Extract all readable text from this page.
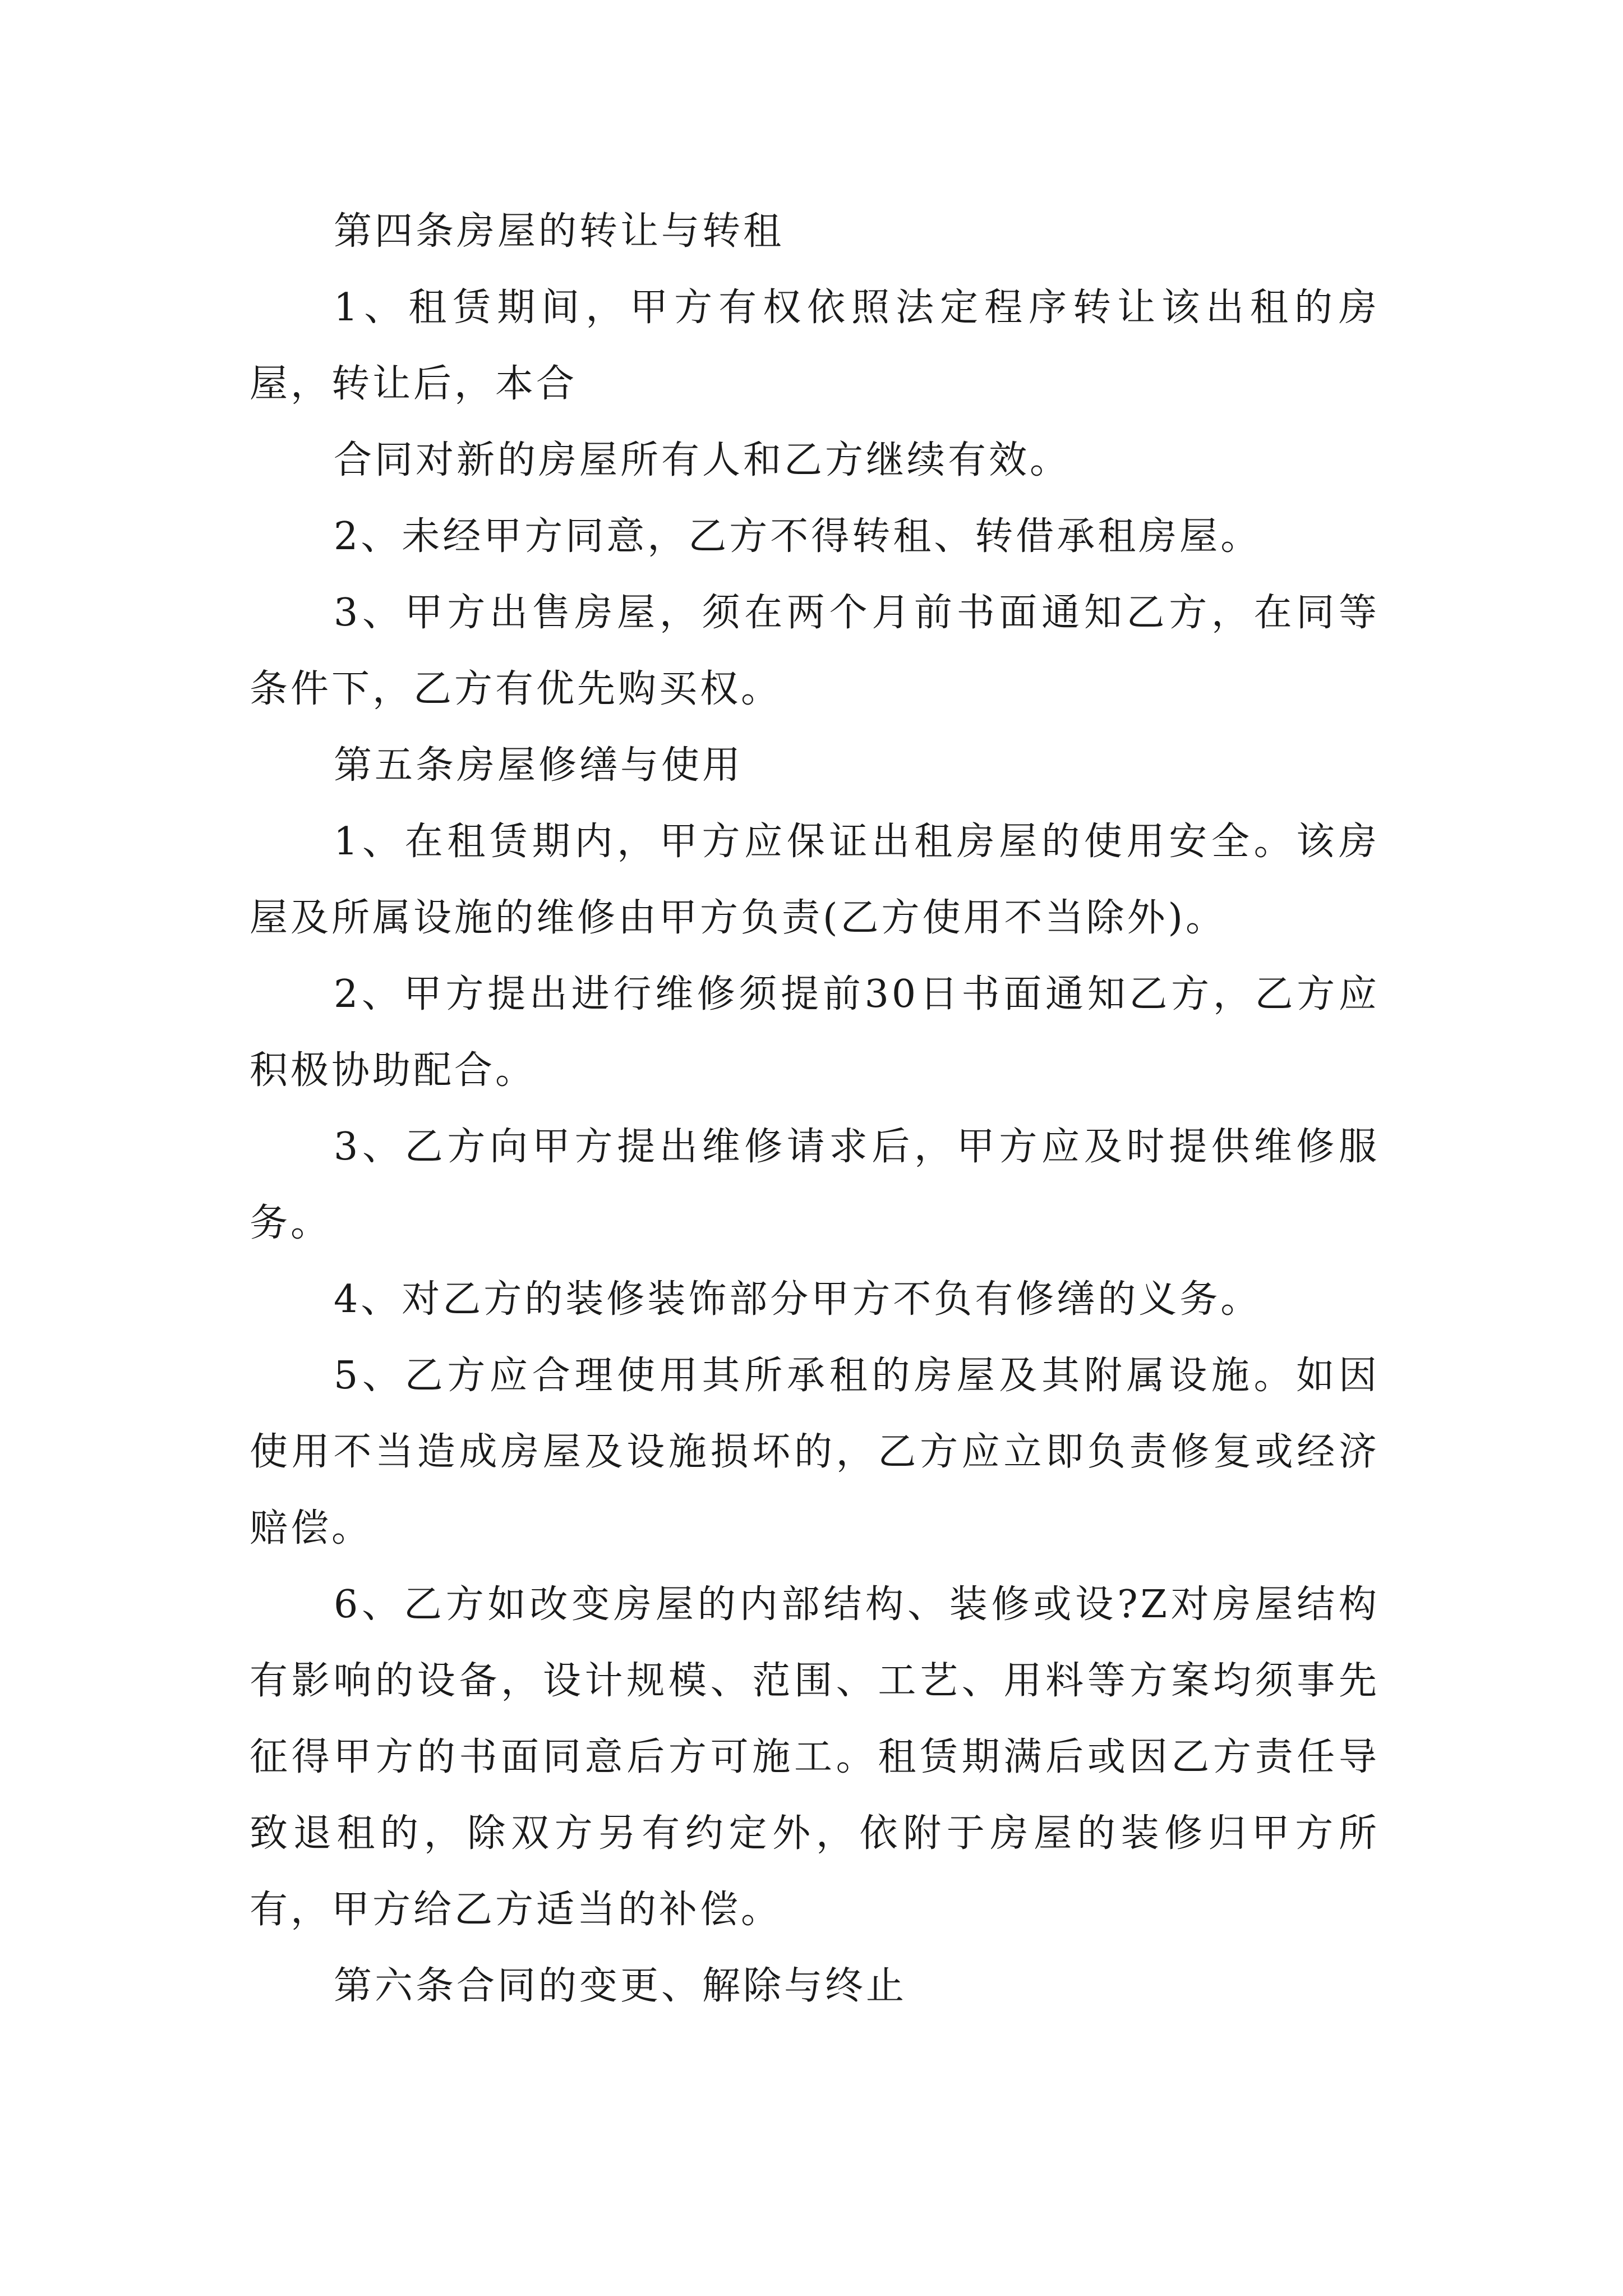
第四条房屋的转让与转租

1、租赁期间，甲方有权依照法定程序转让该出租的房屋，转让后，本合

合同对新的房屋所有人和乙方继续有效。

2、未经甲方同意，乙方不得转租、转借承租房屋。

3、甲方出售房屋，须在两个月前书面通知乙方，在同等条件下，乙方有优先购买权。

第五条房屋修缮与使用

1、在租赁期内，甲方应保证出租房屋的使用安全。该房屋及所属设施的维修由甲方负责(乙方使用不当除外)。

2、甲方提出进行维修须提前30日书面通知乙方，乙方应积极协助配合。

3、乙方向甲方提出维修请求后，甲方应及时提供维修服务。

4、对乙方的装修装饰部分甲方不负有修缮的义务。

5、乙方应合理使用其所承租的房屋及其附属设施。如因使用不当造成房屋及设施损坏的，乙方应立即负责修复或经济赔偿。

6、乙方如改变房屋的内部结构、装修或设?Z对房屋结构有影响的设备，设计规模、范围、工艺、用料等方案均须事先征得甲方的书面同意后方可施工。租赁期满后或因乙方责任导致退租的，除双方另有约定外，依附于房屋的装修归甲方所有，甲方给乙方适当的补偿。

第六条合同的变更、解除与终止
